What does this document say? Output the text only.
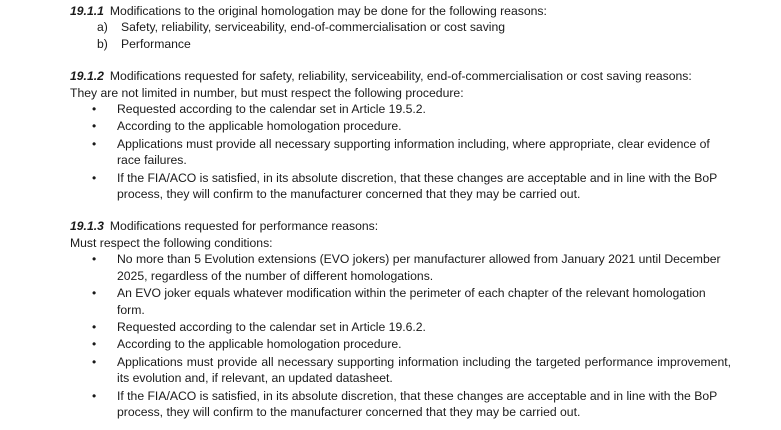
19.1.1 Modifications to the original homologation may be done for the following reasons:

a) Safety, reliability, serviceability, end-of-commercialisation or cost saving
b) Performance

19.1.2 Modifications requested for safety, reliability, serviceability, end-of-commercialisation or cost saving reasons:

They are not limited in number, but must respect the following procedure:

•	Requested according to the calendar set in Article 19.5.2.
•	According to the applicable homologation procedure.
•	Applications must provide all necessary supporting information including, where appropriate, clear evidence of race failures.
•	If the FIA/ACO is satisfied, in its absolute discretion, that these changes are acceptable and in line with the BoP process, they will confirm to the manufacturer concerned that they may be carried out.

19.1.3 Modifications requested for performance reasons:

Must respect the following conditions:

•	No more than 5 Evolution extensions (EVO jokers) per manufacturer allowed from January 2021 until December 2025, regardless of the number of different homologations.
•	An EVO joker equals whatever modification within the perimeter of each chapter of the relevant homologation form.
•	Requested according to the calendar set in Article 19.6.2.
•	According to the applicable homologation procedure.
•	Applications must provide all necessary supporting information including the targeted performance improvement, its evolution and, if relevant, an updated datasheet.
•	If the FIA/ACO is satisfied, in its absolute discretion, that these changes are acceptable and in line with the BoP process, they will confirm to the manufacturer concerned that they may be carried out.
